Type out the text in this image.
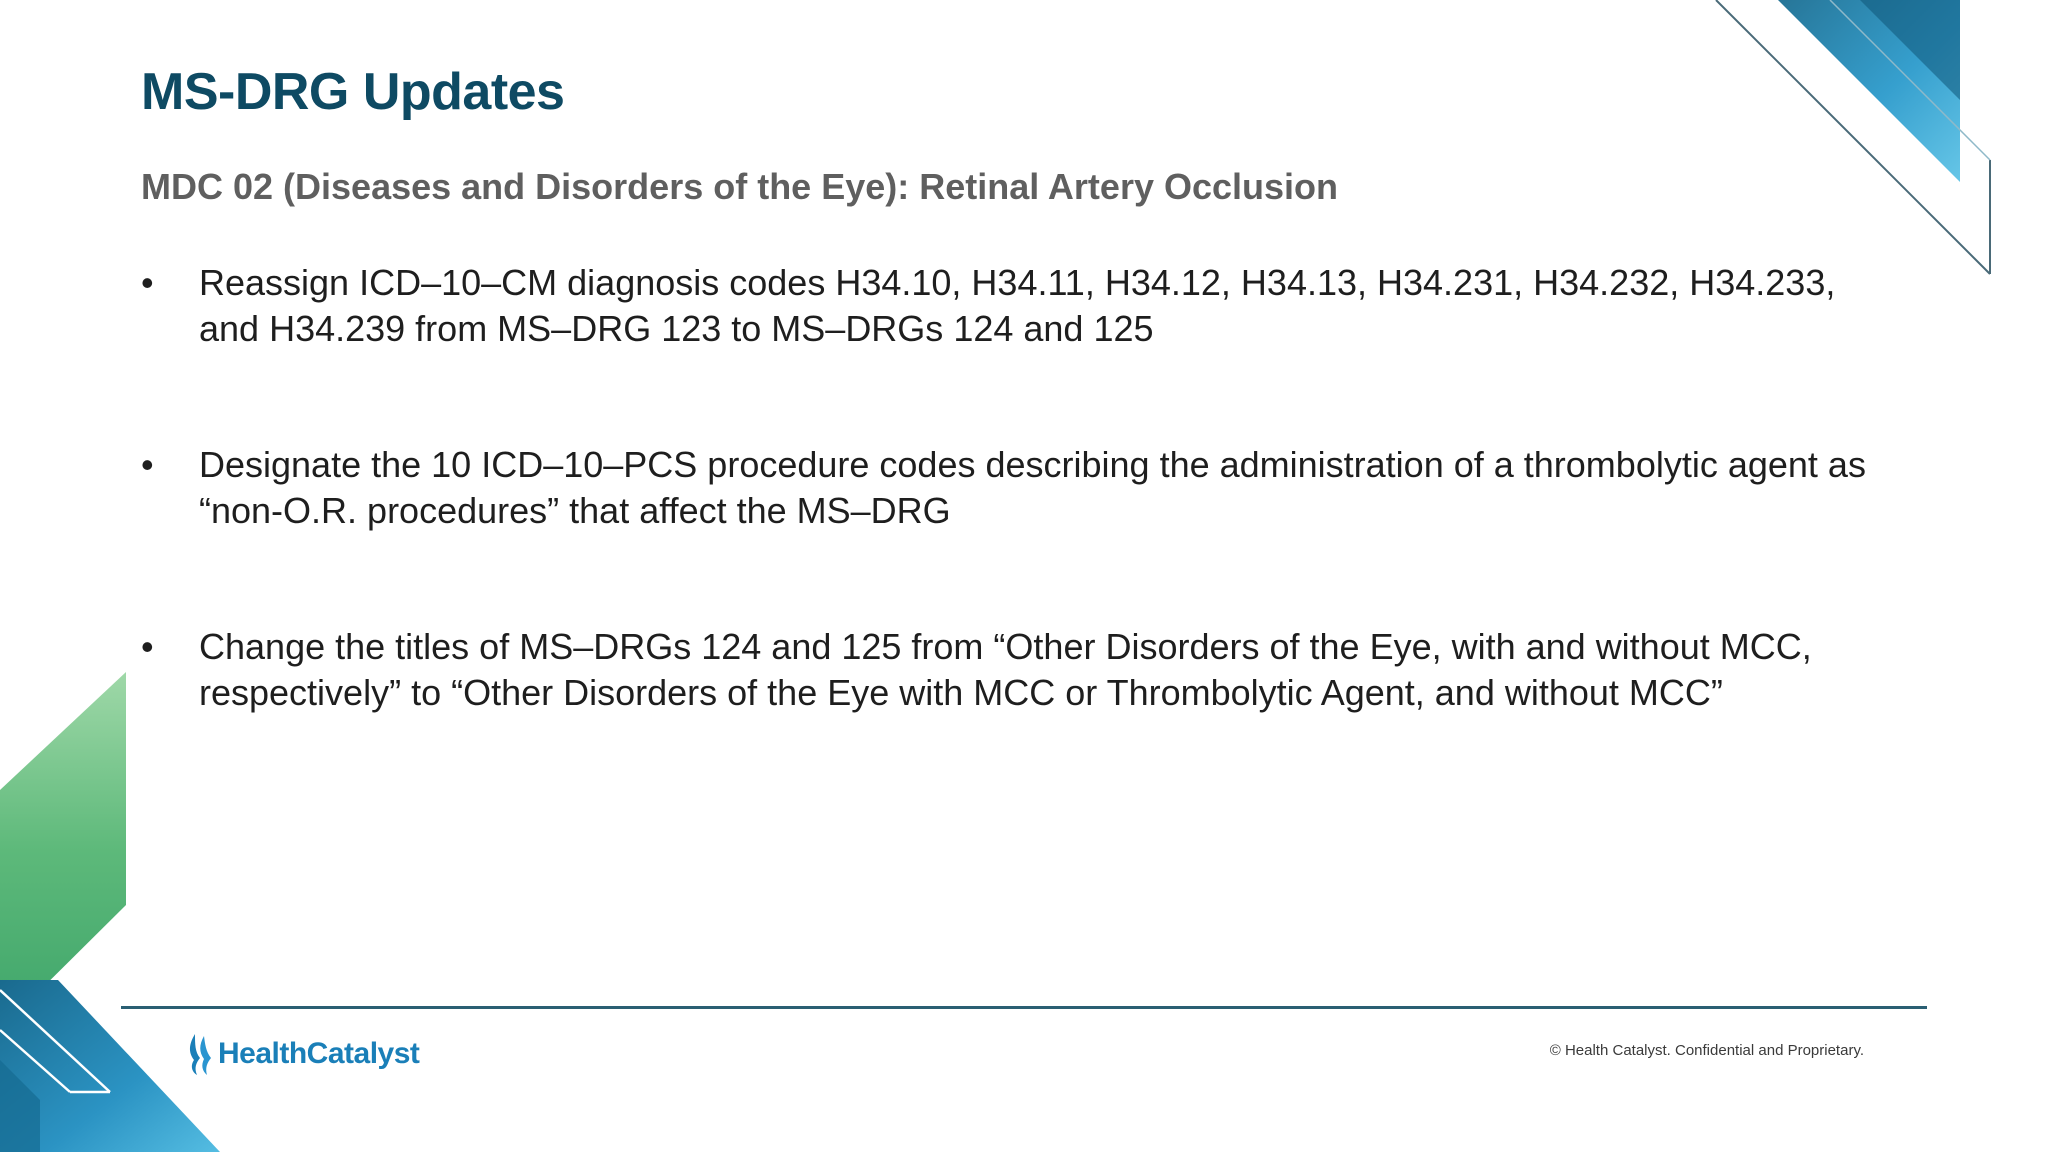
MS-DRG Updates
MDC 02 (Diseases and Disorders of the Eye): Retinal Artery Occlusion
•	Reassign ICD–10–CM diagnosis codes H34.10, H34.11, H34.12, H34.13, H34.231, H34.232, H34.233, and H34.239 from MS–DRG 123 to MS–DRGs 124 and 125
•	Designate the 10 ICD–10–PCS procedure codes describing the administration of a thrombolytic agent as “non-O.R. procedures” that affect the MS–DRG
•	Change the titles of MS–DRGs 124 and 125 from “Other Disorders of the Eye, with and without MCC, respectively” to “Other Disorders of the Eye with MCC or Thrombolytic Agent, and without MCC”
HealthCatalyst	© Health Catalyst. Confidential and Proprietary.
